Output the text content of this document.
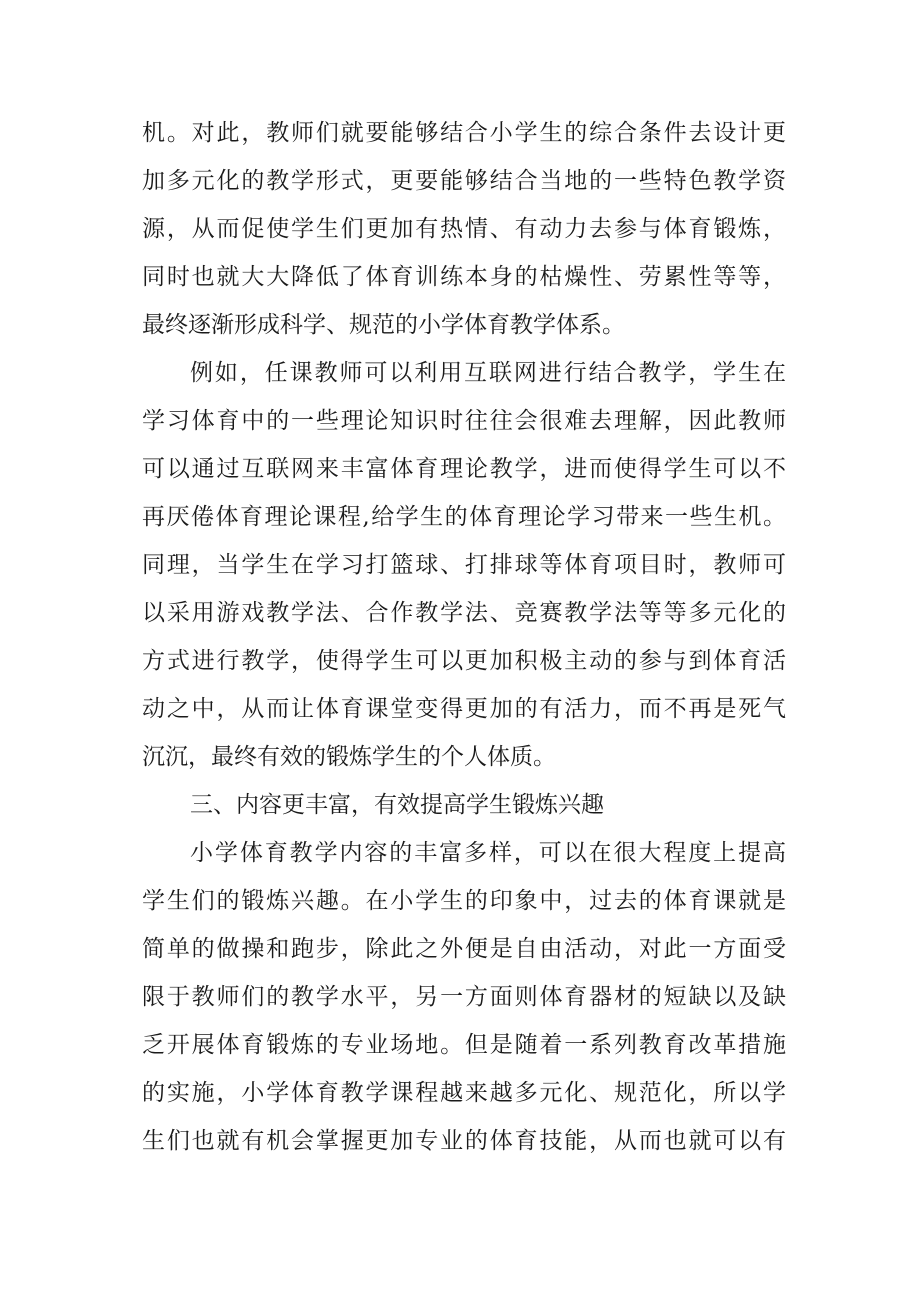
机。对此，教师们就要能够结合小学生的综合条件去设计更
加多元化的教学形式，更要能够结合当地的一些特色教学资
源，从而促使学生们更加有热情、有动力去参与体育锻炼，
同时也就大大降低了体育训练本身的枯燥性、劳累性等等，
最终逐渐形成科学、规范的小学体育教学体系。
例如，任课教师可以利用互联网进行结合教学，学生在
学习体育中的一些理论知识时往往会很难去理解，因此教师
可以通过互联网来丰富体育理论教学，进而使得学生可以不
再厌倦体育理论课程,给学生的体育理论学习带来一些生机。
同理，当学生在学习打篮球、打排球等体育项目时，教师可
以采用游戏教学法、合作教学法、竞赛教学法等等多元化的
方式进行教学，使得学生可以更加积极主动的参与到体育活
动之中，从而让体育课堂变得更加的有活力，而不再是死气
沉沉，最终有效的锻炼学生的个人体质。
三、内容更丰富，有效提高学生锻炼兴趣
小学体育教学内容的丰富多样，可以在很大程度上提高
学生们的锻炼兴趣。在小学生的印象中，过去的体育课就是
简单的做操和跑步，除此之外便是自由活动，对此一方面受
限于教师们的教学水平，另一方面则体育器材的短缺以及缺
乏开展体育锻炼的专业场地。但是随着一系列教育改革措施
的实施，小学体育教学课程越来越多元化、规范化，所以学
生们也就有机会掌握更加专业的体育技能，从而也就可以有
